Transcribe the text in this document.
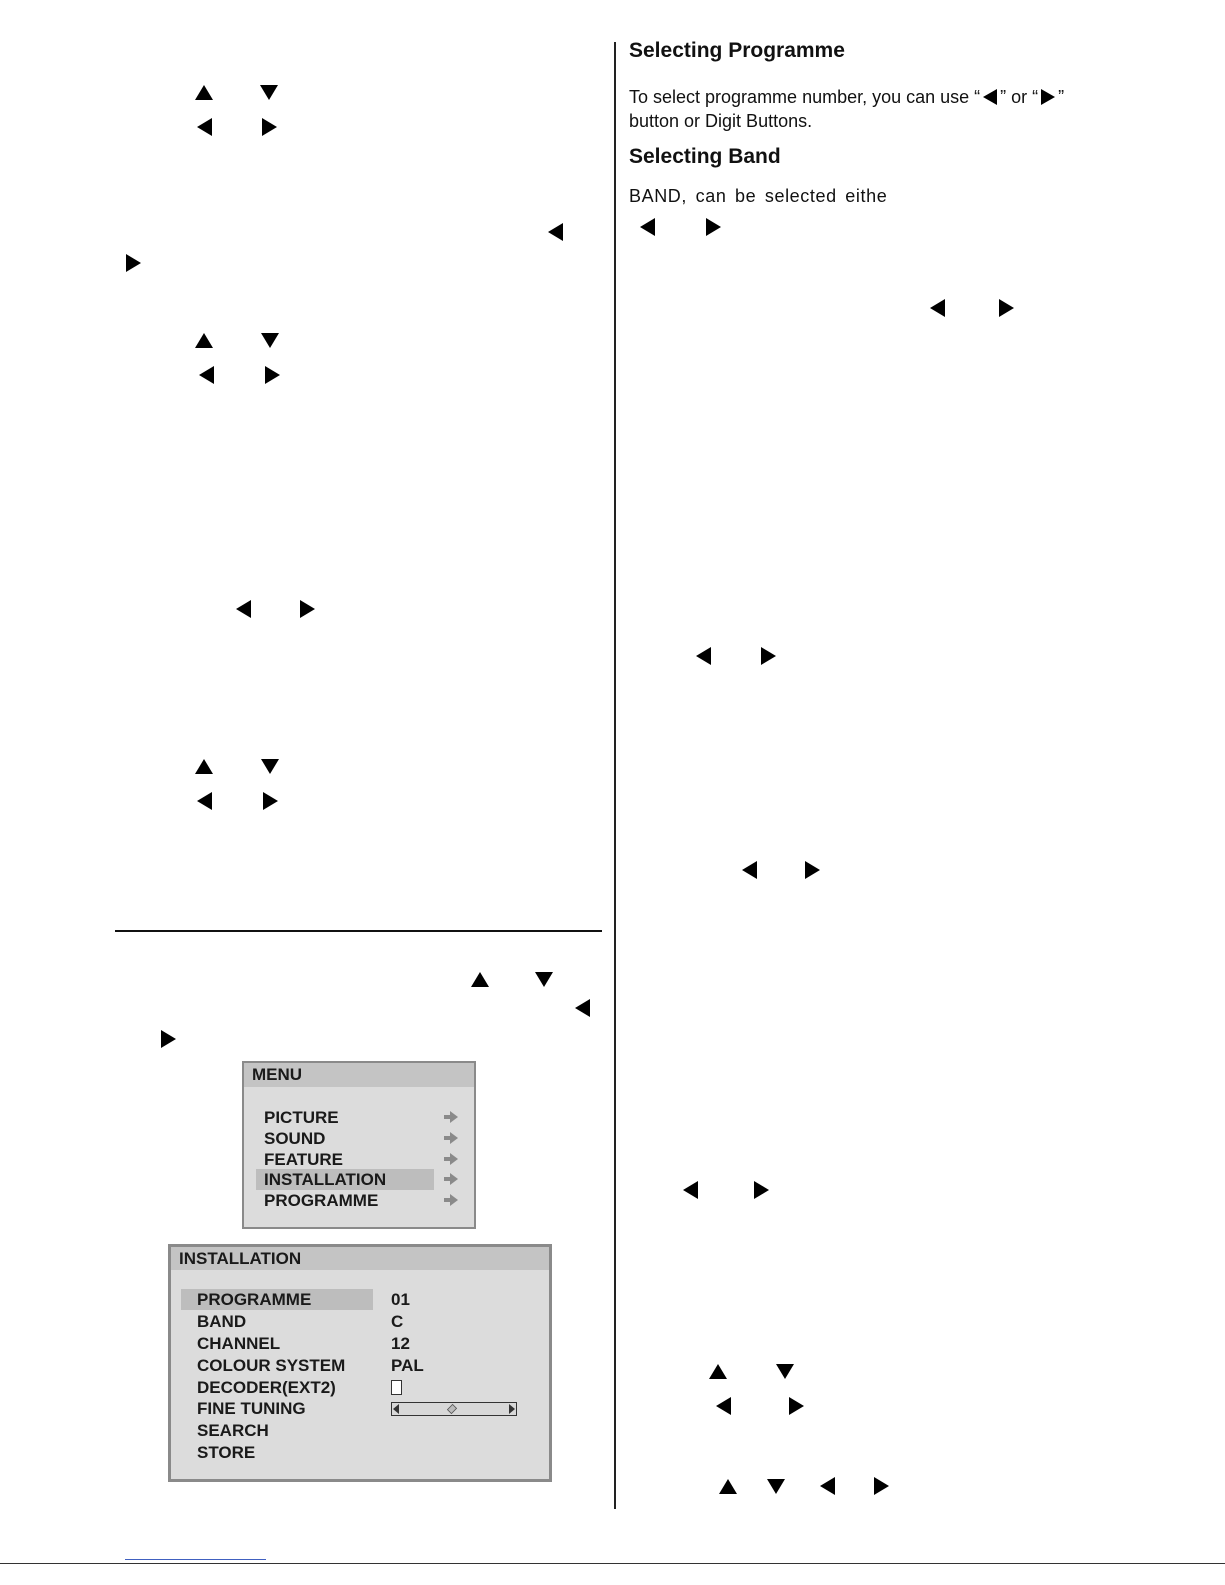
MENU
PICTURE
SOUND
FEATURE
INSTALLATION
PROGRAMME
INSTALLATION
PROGRAMME	01
BAND	C
CHANNEL	12
COLOUR SYSTEM	PAL
DECODER(EXT2)
FINE TUNING
SEARCH
STORE
Selecting Programme
To select programme number, you can use “ ” or “ ”
button or Digit Buttons.
Selecting Band
BAND, can be selected eithe
